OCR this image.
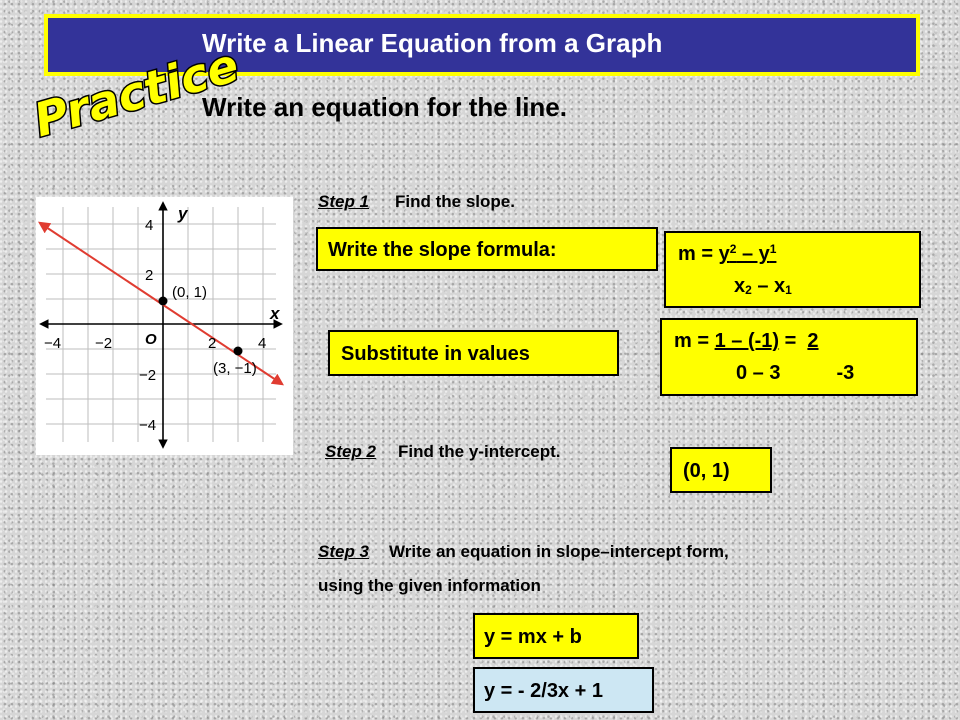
Write a Linear Equation from a Graph
Practice
Write an equation for the line.
y
x
O
−4 −2	2	4
4
2
−2
−4
(0, 1)
(3, −1)
Step 1 Find the slope.
Write the slope formula:	$m = y^2 - y^1$
$x_2 - x_1$
Substitute in values
m = 1 – (-1) =  2
0 – 3	-3
Step 2 Find the y-intercept.
(0, 1)
Step 3 Write an equation in slope–intercept form,
using the given information
y = mx + b
y = - 2/3x + 1
